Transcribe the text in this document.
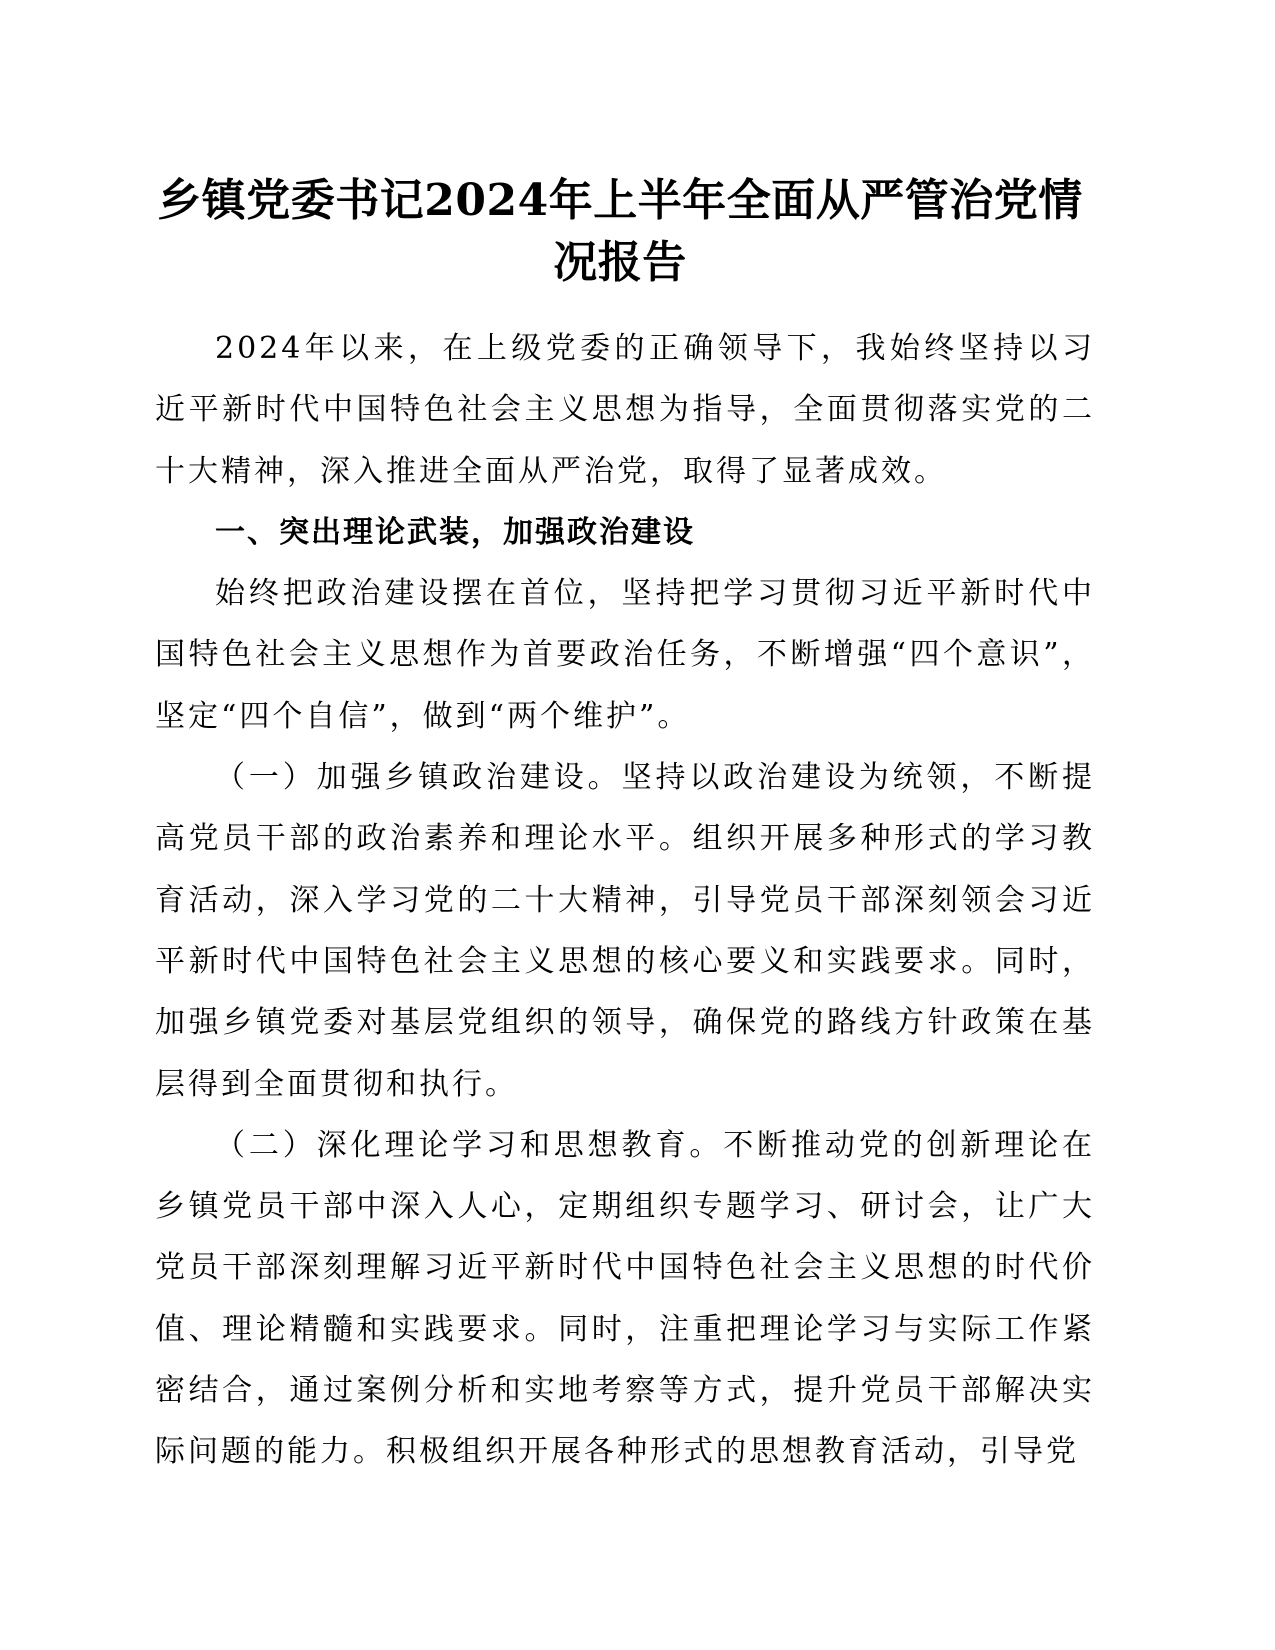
乡镇党委书记2024年上半年全面从严管治党情况报告

2024年以来，在上级党委的正确领导下，我始终坚持以习近平新时代中国特色社会主义思想为指导，全面贯彻落实党的二十大精神，深入推进全面从严治党，取得了显著成效。

一、突出理论武装，加强政治建设

始终把政治建设摆在首位，坚持把学习贯彻习近平新时代中国特色社会主义思想作为首要政治任务，不断增强“四个意识”，坚定“四个自信”，做到“两个维护”。

（一）加强乡镇政治建设。坚持以政治建设为统领，不断提高党员干部的政治素养和理论水平。组织开展多种形式的学习教育活动，深入学习党的二十大精神，引导党员干部深刻领会习近平新时代中国特色社会主义思想的核心要义和实践要求。同时，加强乡镇党委对基层党组织的领导，确保党的路线方针政策在基层得到全面贯彻和执行。

（二）深化理论学习和思想教育。不断推动党的创新理论在乡镇党员干部中深入人心，定期组织专题学习、研讨会，让广大党员干部深刻理解习近平新时代中国特色社会主义思想的时代价值、理论精髓和实践要求。同时，注重把理论学习与实际工作紧密结合，通过案例分析和实地考察等方式，提升党员干部解决实际问题的能力。积极组织开展各种形式的思想教育活动，引导党
